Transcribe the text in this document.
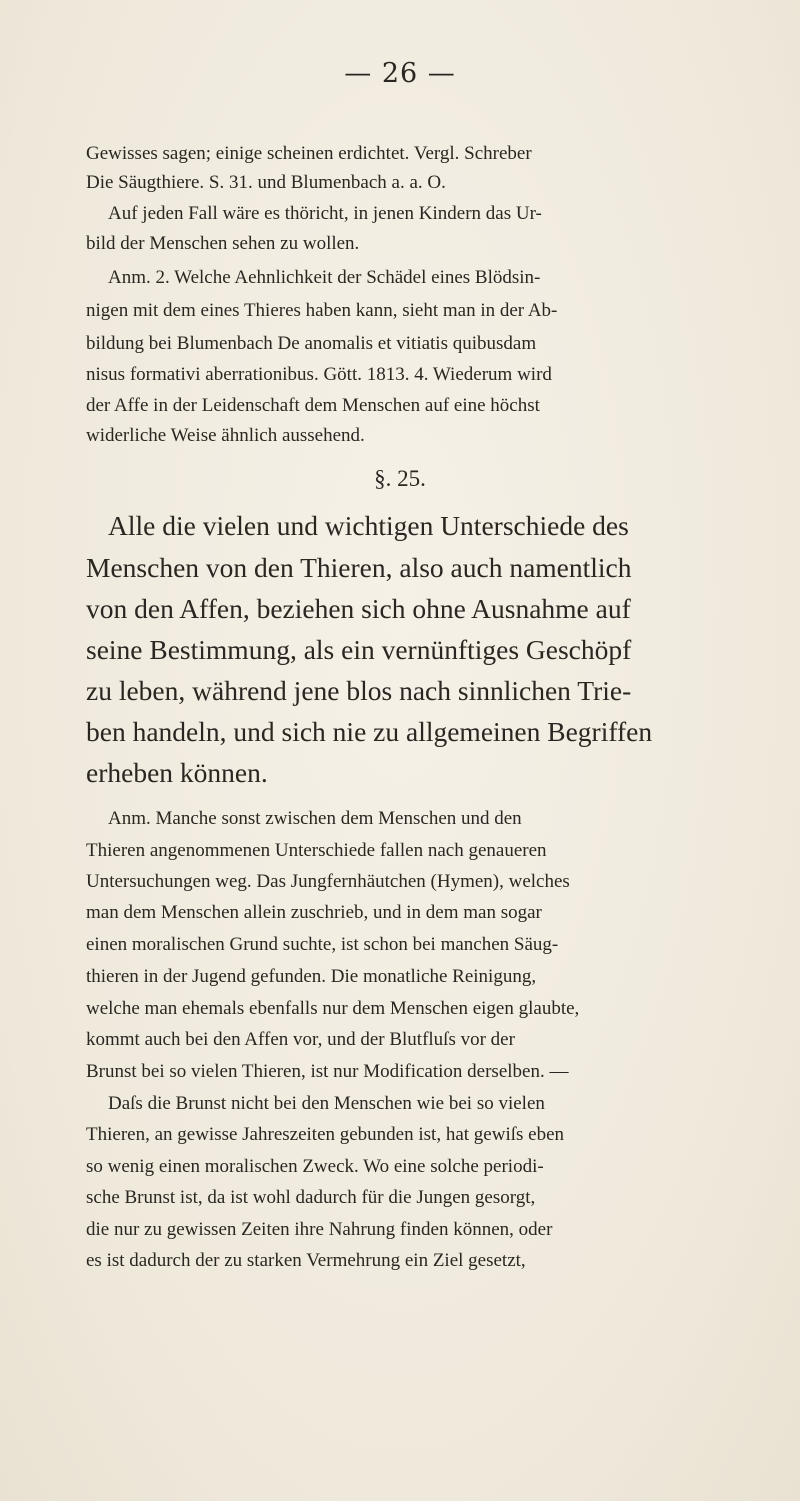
— 26 —
Gewisses sagen; einige scheinen erdichtet. Vergl. Schreber
Die Säugthiere. S. 31. und Blumenbach a. a. O.
Auf jeden Fall wäre es thöricht, in jenen Kindern das Ur-
bild der Menschen sehen zu wollen.
Anm. 2. Welche Aehnlichkeit der Schädel eines Blödsin-
nigen mit dem eines Thieres haben kann, sieht man in der Ab-
bildung bei Blumenbach De anomalis et vitiatis quibusdam
nisus formativi aberrationibus. Gött. 1813. 4. Wiederum wird
der Affe in der Leidenschaft dem Menschen auf eine höchst
widerliche Weise ähnlich aussehend.
§. 25.
Alle die vielen und wichtigen Unterschiede des
Menschen von den Thieren, also auch namentlich
von den Affen, beziehen sich ohne Ausnahme auf
seine Bestimmung, als ein vernünftiges Geschöpf
zu leben, während jene blos nach sinnlichen Trie-
ben handeln, und sich nie zu allgemeinen Begriffen
erheben können.
Anm. Manche sonst zwischen dem Menschen und den
Thieren angenommenen Unterschiede fallen nach genaueren
Untersuchungen weg. Das Jungfernhäutchen (Hymen), welches
man dem Menschen allein zuschrieb, und in dem man sogar
einen moralischen Grund suchte, ist schon bei manchen Säug-
thieren in der Jugend gefunden. Die monatliche Reinigung,
welche man ehemals ebenfalls nur dem Menschen eigen glaubte,
kommt auch bei den Affen vor, und der Blutfluſs vor der
Brunst bei so vielen Thieren, ist nur Modification derselben. —
Daſs die Brunst nicht bei den Menschen wie bei so vielen
Thieren, an gewisse Jahreszeiten gebunden ist, hat gewiſs eben
so wenig einen moralischen Zweck. Wo eine solche periodi-
sche Brunst ist, da ist wohl dadurch für die Jungen gesorgt,
die nur zu gewissen Zeiten ihre Nahrung finden können, oder
es ist dadurch der zu starken Vermehrung ein Ziel gesetzt,
